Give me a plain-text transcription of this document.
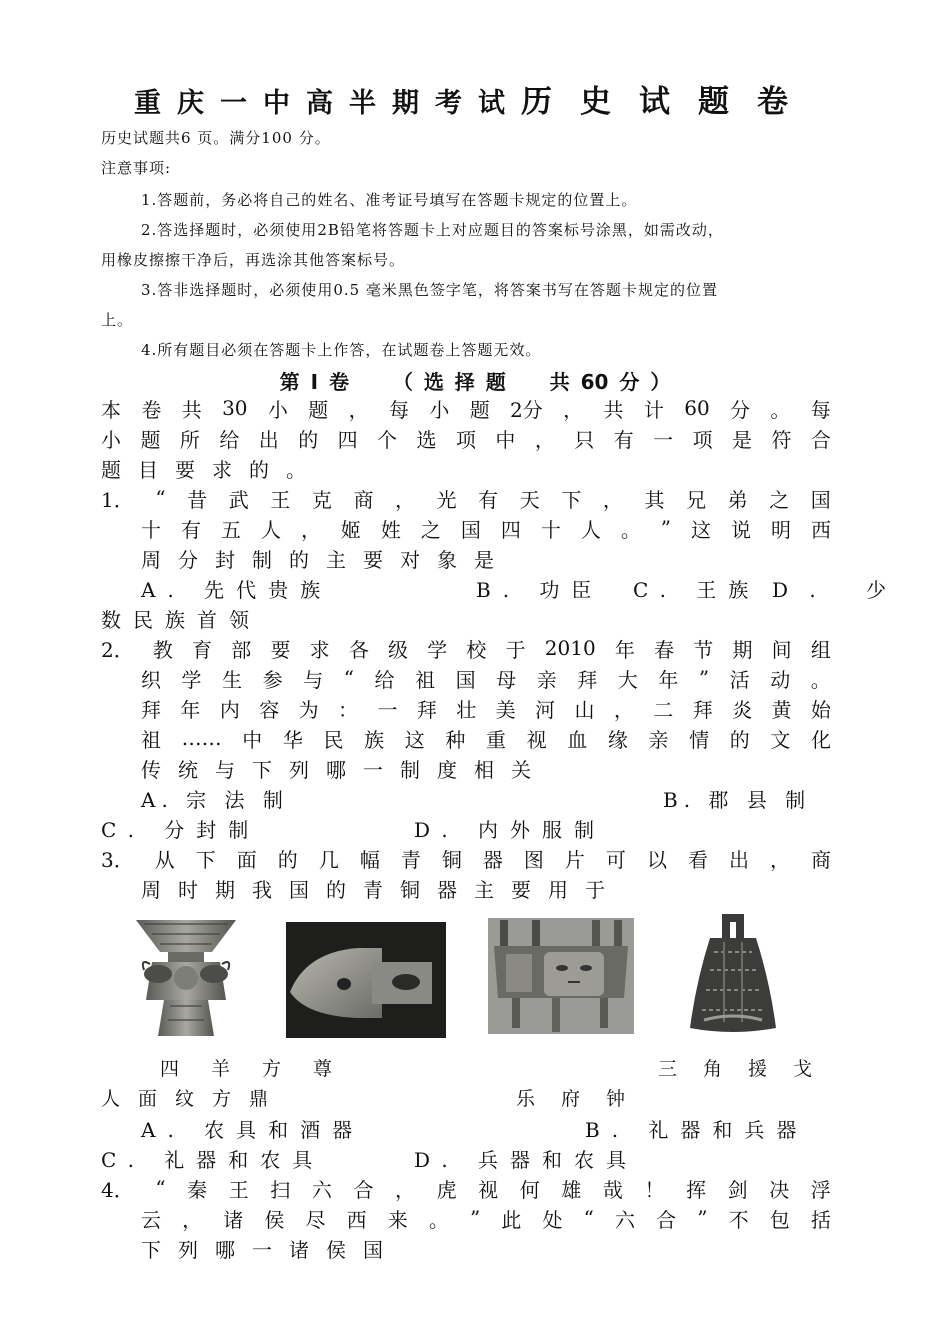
重庆一中高半期考试历史试题卷
历史试题共6 页。满分100 分。
注意事项:
1.答题前，务必将自己的姓名、准考证号填写在答题卡规定的位置上。
2.答选择题时，必须使用2B铅笔将答题卡上对应题目的答案标号涂黑，如需改动，
用橡皮擦擦干净后，再选涂其他答案标号。
3.答非选择题时，必须使用0.5 毫米黑色签字笔，将答案书写在答题卡规定的位置
上。
4.所有题目必须在答题卡上作答，在试题卷上答题无效。
第 Ⅰ 卷    （ 选 择 题    共 60 分 ）
本 卷 共 30 小 题 ， 每 小 题 2分 ， 共 计 60 分 。 每
小 题 所 给 出 的 四 个 选 项 中 ， 只 有 一 项 是 符 合
题 目 要 求 的 。
1． “ 昔 武 王 克 商 ， 光 有 天 下 ， 其 兄 弟 之 国
十 有 五 人 ， 姬 姓 之 国 四 十 人 。 ” 这 说 明 西
周 分 封 制 的 主 要 对 象 是
A. 先代贵族	B. 功臣 C. 王族 D. 少
数民族首领
2． 教 育 部 要 求 各 级 学 校 于 2010 年 春 节 期 间 组
织 学 生 参 与 “ 给 祖 国 母 亲 拜 大 年 ” 活 动 。
拜 年 内 容 为 ： 一 拜 壮 美 河 山 ， 二 拜 炎 黄 始
祖 …… 中 华 民 族 这 种 重 视 血 缘 亲 情 的 文 化
传 统 与 下 列 哪 一 制 度 相 关
A. 宗 法 制	B. 郡 县 制
C. 分封制	D. 内外服制
3． 从 下 面 的 几 幅 青 铜 器 图 片 可 以 看 出 ， 商
周 时 期 我 国 的 青 铜 器 主 要 用 于
四羊方尊	三角援戈
人面纹方鼎	乐府钟
A. 农具和酒器	B. 礼器和兵器
C. 礼器和农具	D. 兵器和农具
4． “ 秦 王 扫 六 合 ， 虎 视 何 雄 哉 ！ 挥 剑 决 浮
云 ， 诸 侯 尽 西 来 。 ” 此 处 “ 六 合 ” 不 包 括
下 列 哪 一 诸 侯 国
